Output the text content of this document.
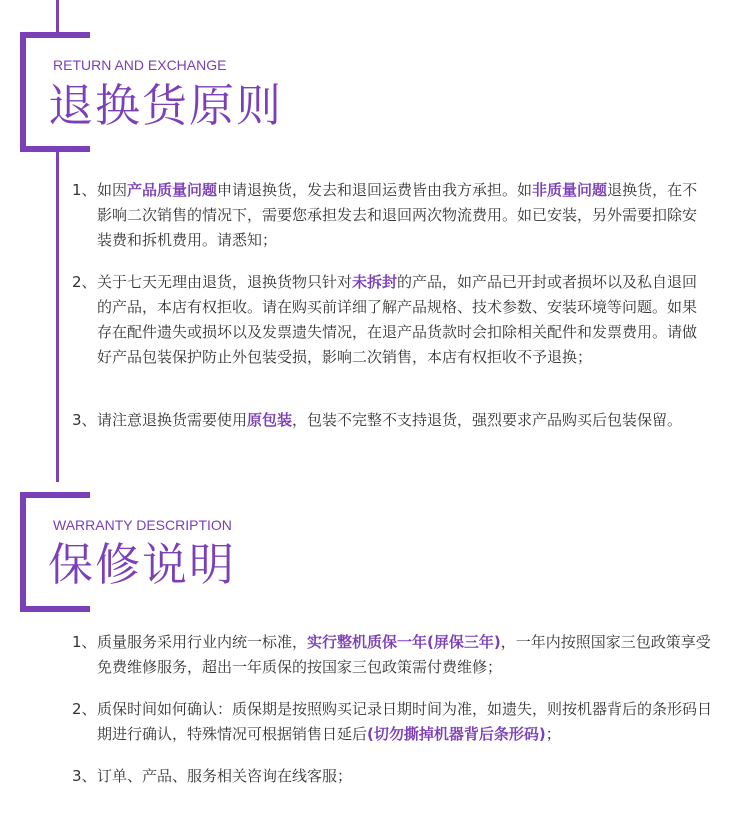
RETURN AND EXCHANGE
退换货原则
1、 如因产品质量问题申请退换货，发去和退回运费皆由我方承担。如非质量问题退换货，在不影响二次销售的情况下，需要您承担发去和退回两次物流费用。如已安装，另外需要扣除安装费和拆机费用。请悉知；
2、 关于七天无理由退货，退换货物只针对未拆封的产品，如产品已开封或者损坏以及私自退回的产品，本店有权拒收。请在购买前详细了解产品规格、技术参数、安装环境等问题。如果存在配件遗失或损坏以及发票遗失情况，在退产品货款时会扣除相关配件和发票费用。请做好产品包装保护防止外包装受损，影响二次销售，本店有权拒收不予退换；
3、 请注意退换货需要使用原包装，包装不完整不支持退货，强烈要求产品购买后包装保留。
WARRANTY DESCRIPTION
保修说明
1、 质量服务采用行业内统一标准，实行整机质保一年(屏保三年)，一年内按照国家三包政策享受免费维修服务，超出一年质保的按国家三包政策需付费维修；
2、 质保时间如何确认：质保期是按照购买记录日期时间为准，如遗失，则按机器背后的条形码日期进行确认，特殊情况可根据销售日延后(切勿撕掉机器背后条形码)；
3、 订单、产品、服务相关咨询在线客服；
